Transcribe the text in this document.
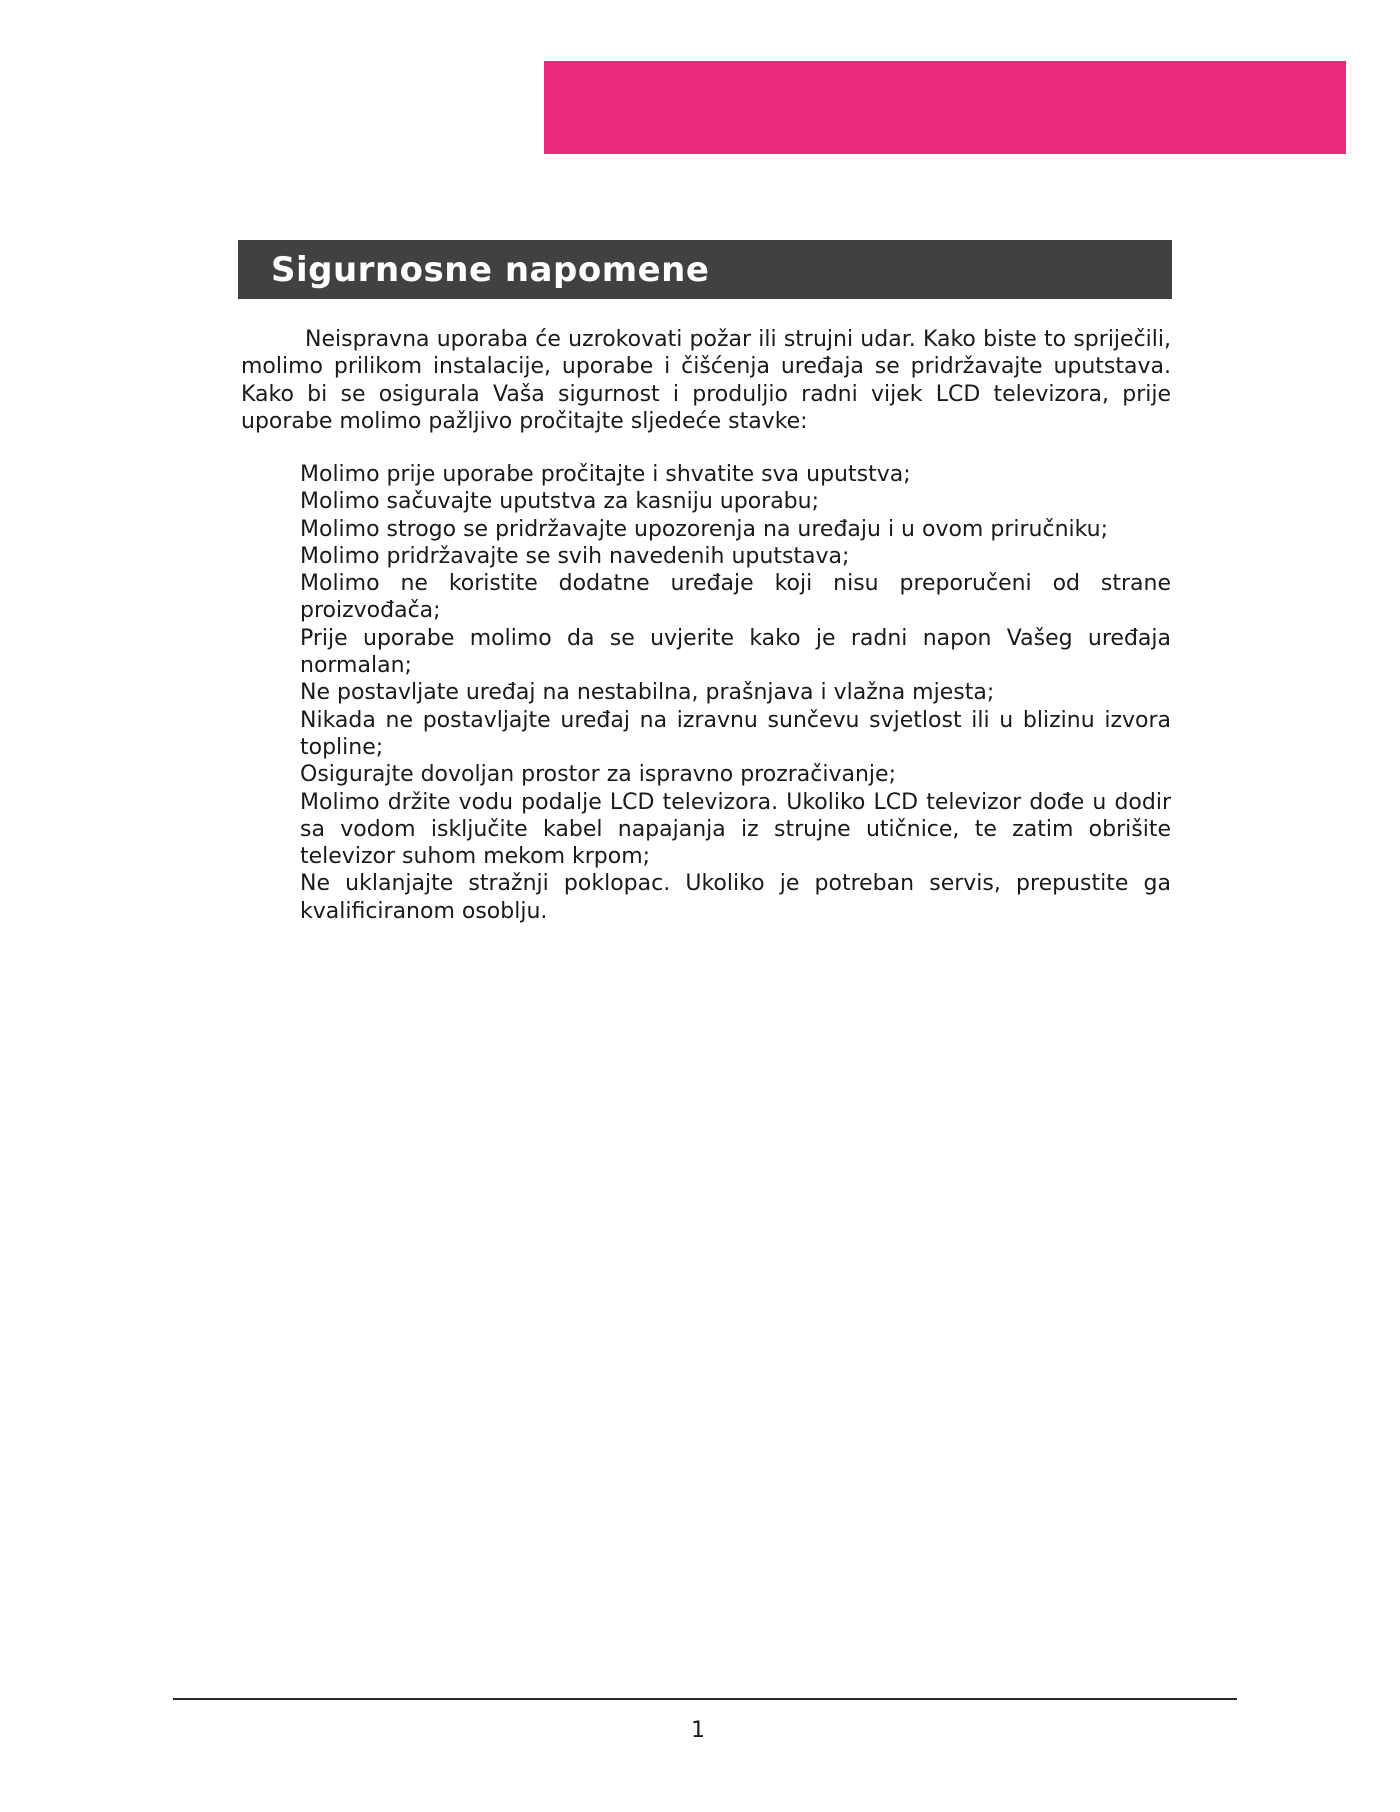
Sigurnosne napomene

Neispravna uporaba će uzrokovati požar ili strujni udar. Kako biste to spriječili, molimo prilikom instalacije, uporabe i čišćenja uređaja se pridržavajte uputstava. Kako bi se osigurala Vaša sigurnost i produljio radni vijek LCD televizora, prije uporabe molimo pažljivo pročitajte sljedeće stavke:

Molimo prije uporabe pročitajte i shvatite sva uputstva;
Molimo sačuvajte uputstva za kasniju uporabu;
Molimo strogo se pridržavajte upozorenja na uređaju i u ovom priručniku;
Molimo pridržavajte se svih navedenih uputstava;
Molimo ne koristite dodatne uređaje koji nisu preporučeni od strane proizvođača;
Prije uporabe molimo da se uvjerite kako je radni napon Vašeg uređaja normalan;
Ne postavljate uređaj na nestabilna, prašnjava i vlažna mjesta;
Nikada ne postavljajte uređaj na izravnu sunčevu svjetlost ili u blizinu izvora topline;
Osigurajte dovoljan prostor za ispravno prozračivanje;
Molimo držite vodu podalje LCD televizora. Ukoliko LCD televizor dođe u dodir sa vodom isključite kabel napajanja iz strujne utičnice, te zatim obrišite televizor suhom mekom krpom;
Ne uklanjajte stražnji poklopac. Ukoliko je potreban servis, prepustite ga kvalificiranom osoblju.
1
